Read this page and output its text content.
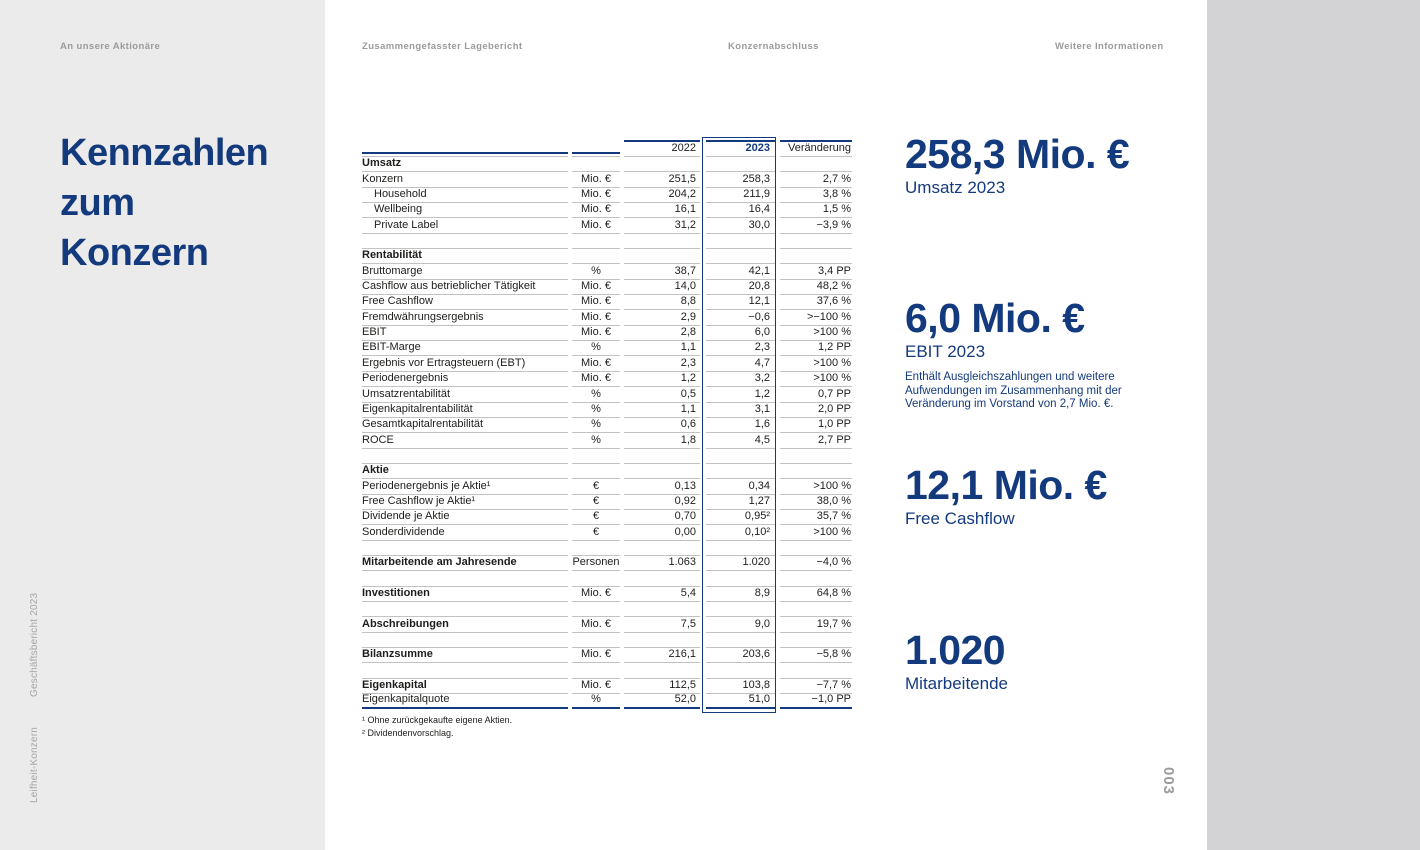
An unsere Aktionäre	Zusammengefasster Lagebericht	Konzernabschluss	Weitere Informationen
Kennzahlen
zum
Konzern
2022	2023	Veränderung
Umsatz
Konzern	Mio. €	251,5	258,3	2,7 %
Household	Mio. €	204,2	211,9	3,8 %
Wellbeing	Mio. €	16,1	16,4	1,5 %
Private Label	Mio. €	31,2	30,0	−3,9 %
Rentabilität
Bruttomarge	%	38,7	42,1	3,4 PP
Cashflow aus betrieblicher Tätigkeit	Mio. €	14,0	20,8	48,2 %
Free Cashflow	Mio. €	8,8	12,1	37,6 %
Fremdwährungsergebnis	Mio. €	2,9	−0,6	>−100 %
EBIT	Mio. €	2,8	6,0	>100 %
EBIT-Marge	%	1,1	2,3	1,2 PP
Ergebnis vor Ertragsteuern (EBT)	Mio. €	2,3	4,7	>100 %
Periodenergebnis	Mio. €	1,2	3,2	>100 %
Umsatzrentabilität	%	0,5	1,2	0,7 PP
Eigenkapitalrentabilität	%	1,1	3,1	2,0 PP
Gesamtkapitalrentabilität	%	0,6	1,6	1,0 PP
ROCE	%	1,8	4,5	2,7 PP
Aktie
Periodenergebnis je Aktie¹	€	0,13	0,34	>100 %
Free Cashflow je Aktie¹	€	0,92	1,27	38,0 %
Dividende je Aktie	€	0,70	0,95²	35,7 %
Sonderdividende	€	0,00	0,10²	>100 %
Mitarbeitende am Jahresende	Personen	1.063	1.020	−4,0 %
Investitionen	Mio. €	5,4	8,9	64,8 %
Abschreibungen	Mio. €	7,5	9,0	19,7 %
Bilanzsumme	Mio. €	216,1	203,6	−5,8 %
Eigenkapital	Mio. €	112,5	103,8	−7,7 %
Eigenkapitalquote	%	52,0	51,0	−1,0 PP
¹ Ohne zurückgekaufte eigene Aktien.
² Dividendenvorschlag.
258,3 Mio. €
Umsatz 2023
6,0 Mio. €
EBIT 2023
Enthält Ausgleichszahlungen und weitere Aufwendungen im Zusammenhang mit der Veränderung im Vorstand von 2,7 Mio. €.
12,1 Mio. €
Free Cashflow
1.020
Mitarbeitende
Geschäftsbericht 2023
Leifheit-Konzern	003
